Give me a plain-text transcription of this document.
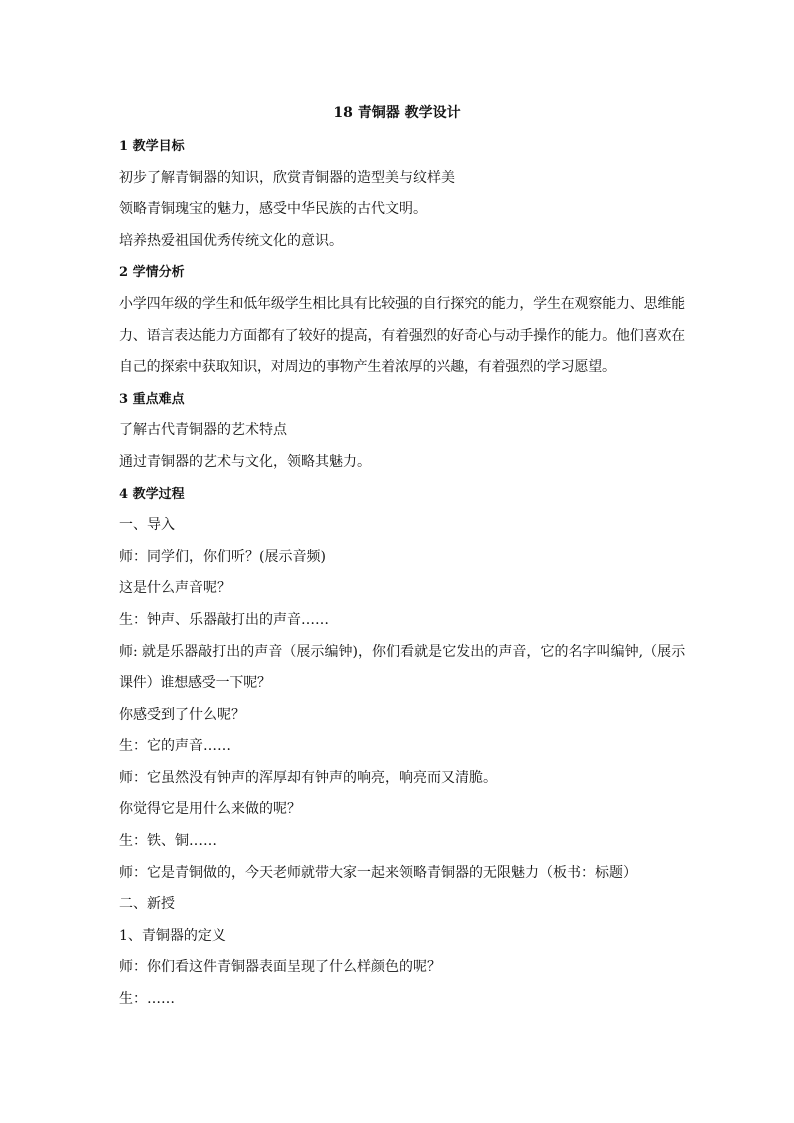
18 青铜器 教学设计
1 教学目标
初步了解青铜器的知识，欣赏青铜器的造型美与纹样美
领略青铜瑰宝的魅力，感受中华民族的古代文明。
培养热爱祖国优秀传统文化的意识。
2 学情分析
小学四年级的学生和低年级学生相比具有比较强的自行探究的能力，学生在观察能力、思维能力、语言表达能力方面都有了较好的提高，有着强烈的好奇心与动手操作的能力。他们喜欢在自己的探索中获取知识，对周边的事物产生着浓厚的兴趣，有着强烈的学习愿望。
3 重点难点
了解古代青铜器的艺术特点
通过青铜器的艺术与文化，领略其魅力。
4 教学过程
一、导入
师：同学们，你们听？(展示音频)
这是什么声音呢？
生：钟声、乐器敲打出的声音……
师: 就是乐器敲打出的声音（展示编钟)，你们看就是它发出的声音，它的名字叫编钟,（展示课件）谁想感受一下呢？
你感受到了什么呢？
生：它的声音……
师：它虽然没有钟声的浑厚却有钟声的响亮，响亮而又清脆。
你觉得它是用什么来做的呢？
生：铁、铜……
师：它是青铜做的，今天老师就带大家一起来领略青铜器的无限魅力（板书：标题）
二、新授
1、青铜器的定义
师：你们看这件青铜器表面呈现了什么样颜色的呢？
生：……
